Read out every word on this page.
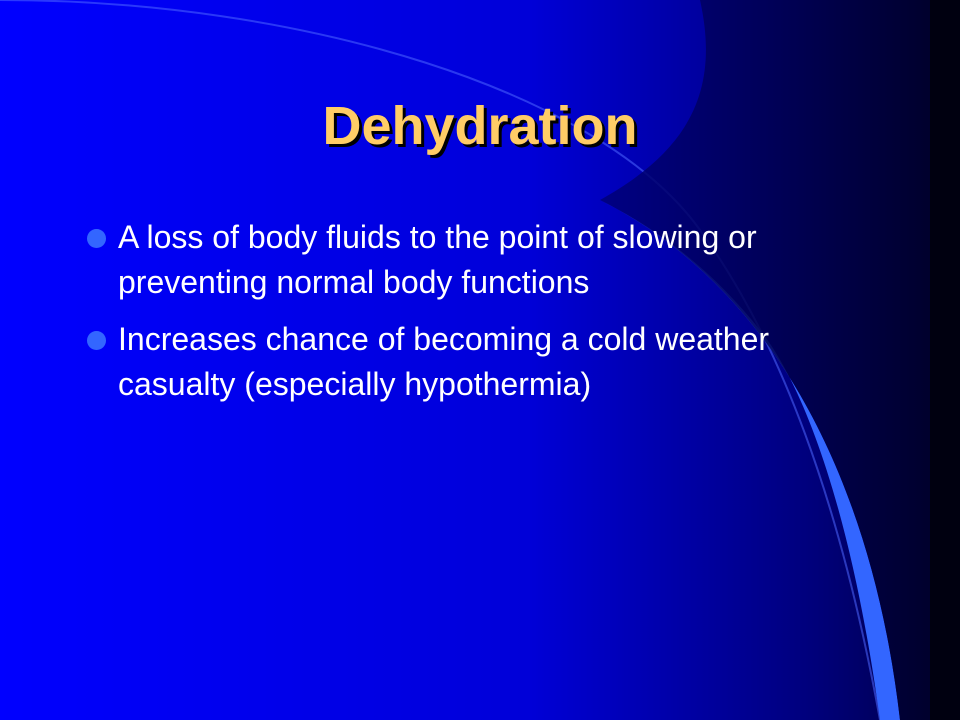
Dehydration
A loss of body fluids to the point of slowing or preventing normal body functions
Increases chance of becoming a cold weather casualty (especially hypothermia)
